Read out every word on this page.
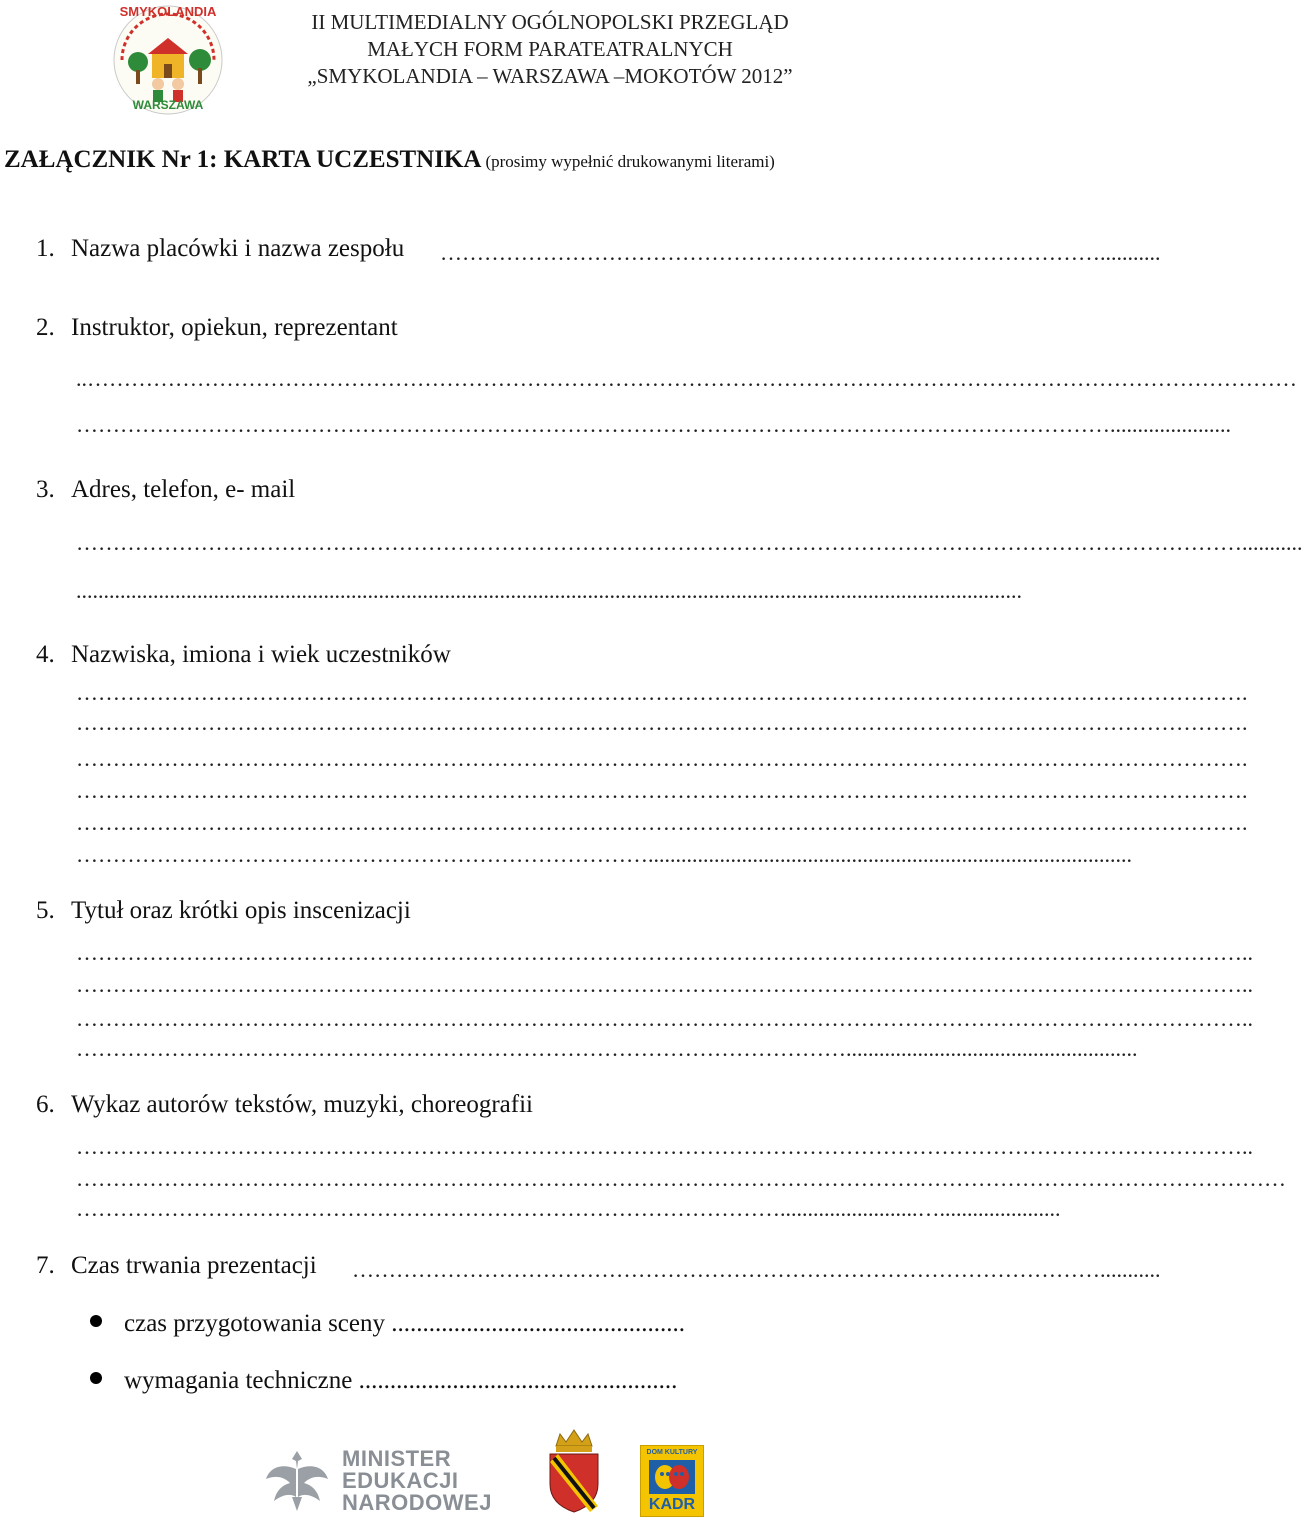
SMYKOLANDIA
WARSZAWA
II MULTIMEDIALNY OGÓLNOPOLSKI PRZEGLĄD
MAŁYCH FORM PARATEATRALNYCH
„SMYKOLANDIA – WARSZAWA –MOKOTÓW 2012”
ZAŁĄCZNIK Nr 1: KARTA UCZESTNIKA (prosimy wypełnić drukowanymi literami)
1. Nazwa placówki i nazwa zespołu ………………………………………………………………………………...........
2. Instruktor, opiekun, reprezentant
..…………………………………………………………………………………………………………………………………………………
……………………………………………………………………………………………………………………………......................
3. Adres, telefon, e- mail
……………………………………………………………………………………………………………………………………………...........
............................................................................................................................................................................
4. Nazwiska, imiona i wiek uczestników
…………………………………………………………………………………………………………………………………………….
…………………………………………………………………………………………………………………………………………….
…………………………………………………………………………………………………………………………………………….
…………………………………………………………………………………………………………………………………………….
…………………………………………………………………………………………………………………………………………….
……………………………………………………………………........................................................................................
5. Tytuł oraz krótki opis inscenizacji
……………………………………………………………………………………………………………………………………………..
……………………………………………………………………………………………………………………………………………..
……………………………………………………………………………………………………………………………………………..
…………………………………………………………………………………………….....................................................
6. Wykaz autorów tekstów, muzyki, choreografii
……………………………………………………………………………………………………………………………………………..
…………………………………………………………………………………………………………………………………………………
…………………………………………………………………………………….........................…......................
7. Czas trwania prezentacji …………………………………………………………………………………………...........
czas przygotowania sceny ...............................................
wymagania techniczne ...................................................
MINISTER
EDUKACJI
NARODOWEJ
DOM KULTURY
KADR
